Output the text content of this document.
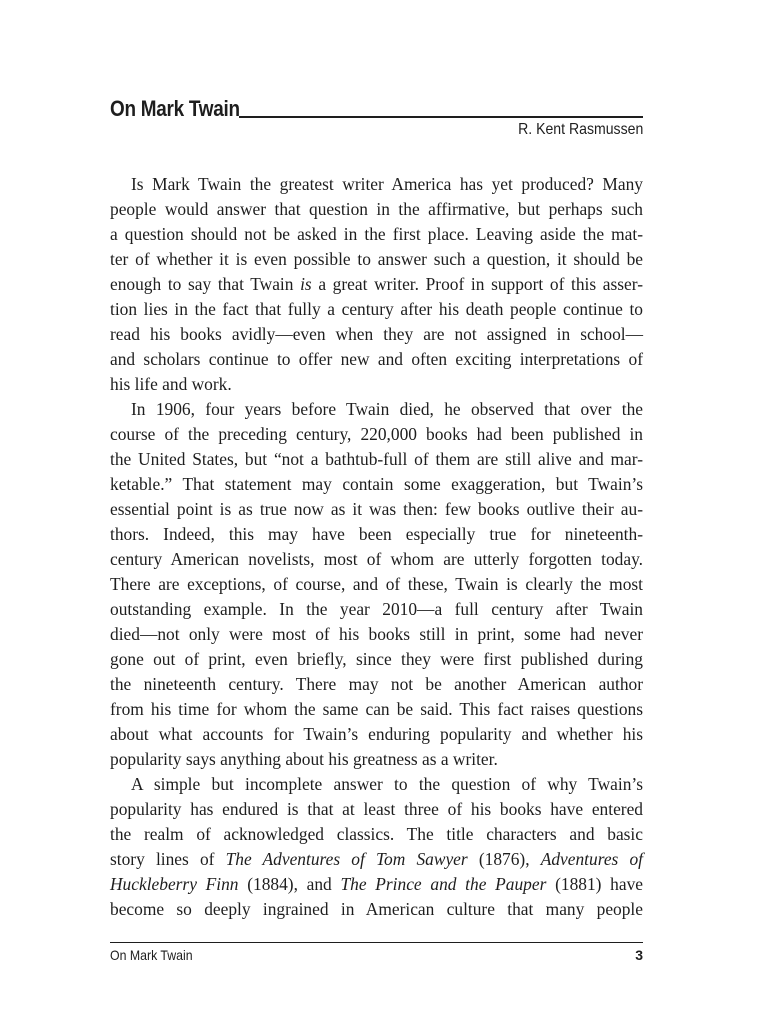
On Mark Twain
R. Kent Rasmussen
Is Mark Twain the greatest writer America has yet produced? Many
people would answer that question in the affirmative, but perhaps such
a question should not be asked in the first place. Leaving aside the mat-
ter of whether it is even possible to answer such a question, it should be
enough to say that Twain is a great writer. Proof in support of this asser-
tion lies in the fact that fully a century after his death people continue to
read his books avidly—even when they are not assigned in school—
and scholars continue to offer new and often exciting interpretations of
his life and work.
In 1906, four years before Twain died, he observed that over the
course of the preceding century, 220,000 books had been published in
the United States, but “not a bathtub-full of them are still alive and mar-
ketable.” That statement may contain some exaggeration, but Twain’s
essential point is as true now as it was then: few books outlive their au-
thors. Indeed, this may have been especially true for nineteenth-
century American novelists, most of whom are utterly forgotten today.
There are exceptions, of course, and of these, Twain is clearly the most
outstanding example. In the year 2010—a full century after Twain
died—not only were most of his books still in print, some had never
gone out of print, even briefly, since they were first published during
the nineteenth century. There may not be another American author
from his time for whom the same can be said. This fact raises questions
about what accounts for Twain’s enduring popularity and whether his
popularity says anything about his greatness as a writer.
A simple but incomplete answer to the question of why Twain’s
popularity has endured is that at least three of his books have entered
the realm of acknowledged classics. The title characters and basic
story lines of The Adventures of Tom Sawyer (1876), Adventures of
Huckleberry Finn (1884), and The Prince and the Pauper (1881) have
become so deeply ingrained in American culture that many people
On Mark Twain	3
